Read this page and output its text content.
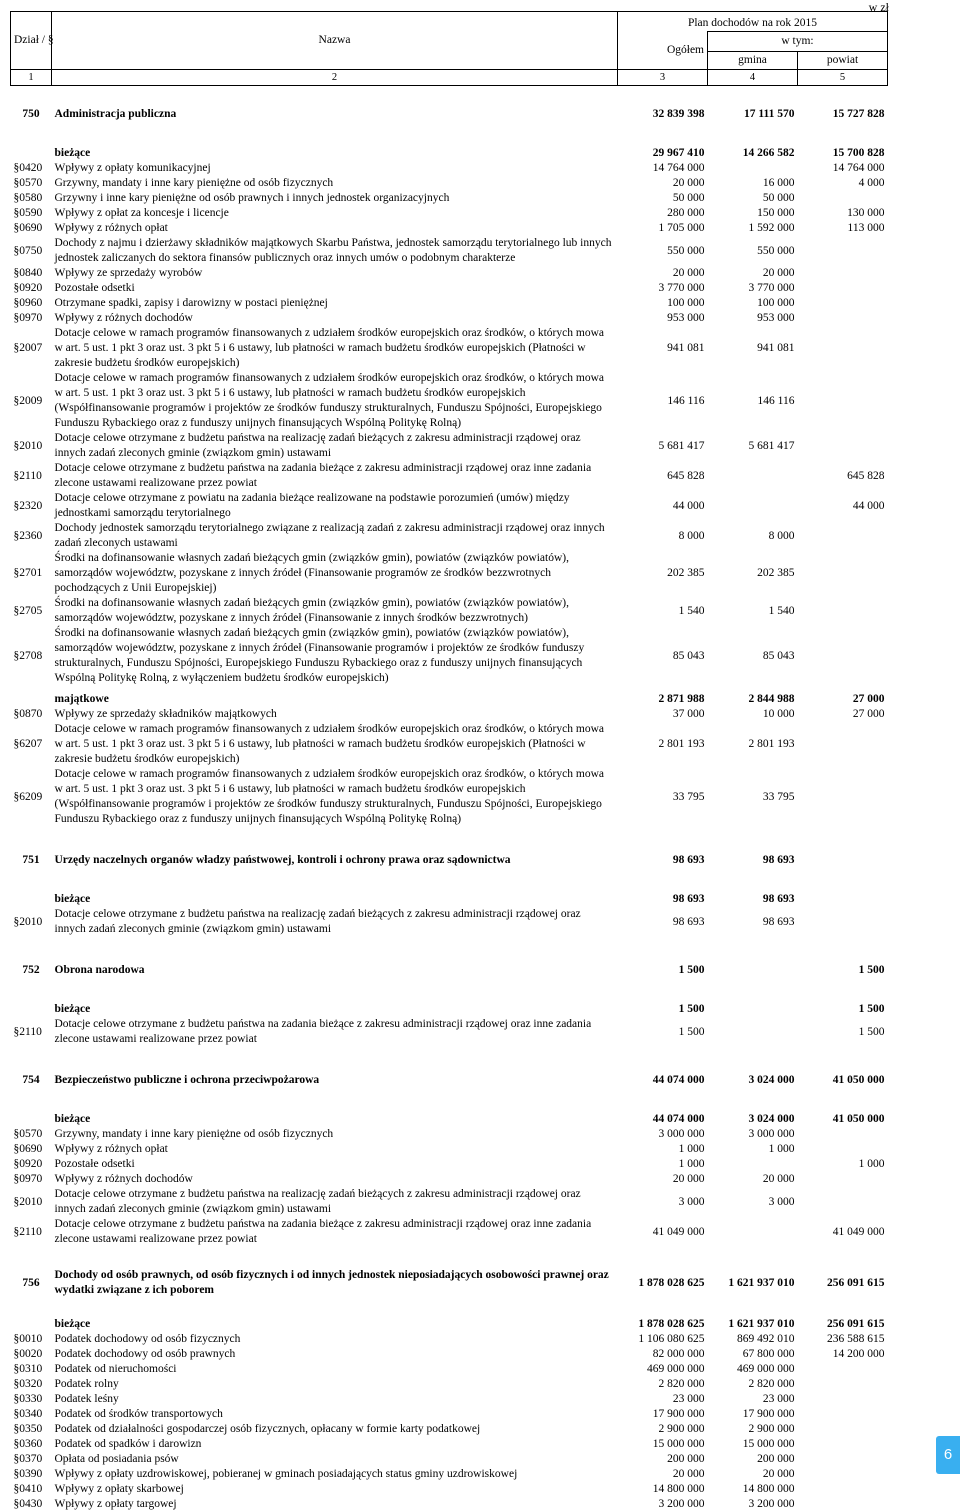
w zł
Dział / §	Nazwa	Plan dochodów na rok 2015		
		Ogółem	w tym:	
			gmina	powiat
1	2	3	4	5

750	Administracja publiczna	32 839 398	17 111 570	15 727 828

	bieżące	29 967 410	14 266 582	15 700 828
§0420	Wpływy z opłaty komunikacyjnej	14 764 000		14 764 000
§0570	Grzywny, mandaty i inne kary pieniężne od osób fizycznych	20 000	16 000	4 000
§0580	Grzywny i inne kary pieniężne od osób prawnych i innych jednostek organizacyjnych	50 000	50 000	
§0590	Wpływy z opłat za koncesje i licencje	280 000	150 000	130 000
§0690	Wpływy z różnych opłat	1 705 000	1 592 000	113 000
§0750	Dochody z najmu i dzierżawy składników majątkowych Skarbu Państwa, jednostek samorządu terytorialnego lub innych jednostek zaliczanych do sektora finansów publicznych oraz innych umów o podobnym charakterze	550 000	550 000	
§0840	Wpływy ze sprzedaży wyrobów	20 000	20 000	
§0920	Pozostałe odsetki	3 770 000	3 770 000	
§0960	Otrzymane spadki, zapisy i darowizny w postaci pieniężnej	100 000	100 000	
§0970	Wpływy z różnych dochodów	953 000	953 000	
§2007	Dotacje celowe w ramach programów finansowanych z udziałem środków europejskich oraz środków, o których mowa w art. 5 ust. 1 pkt 3 oraz ust. 3 pkt 5 i 6 ustawy, lub płatności w ramach budżetu środków europejskich (Płatności w zakresie budżetu środków europejskich)	941 081	941 081	
§2009	Dotacje celowe w ramach programów finansowanych z udziałem środków europejskich oraz środków, o których mowa w art. 5 ust. 1 pkt 3 oraz ust. 3 pkt 5 i 6 ustawy, lub płatności w ramach budżetu środków europejskich (Współfinansowanie programów i projektów ze środków funduszy strukturalnych, Funduszu Spójności, Europejskiego Funduszu Rybackiego oraz z funduszy unijnych finansujących Wspólną Politykę Rolną)	146 116	146 116	
§2010	Dotacje celowe otrzymane z budżetu państwa na realizację zadań bieżących z zakresu administracji rządowej oraz innych zadań zleconych gminie (związkom gmin) ustawami	5 681 417	5 681 417	
§2110	Dotacje celowe otrzymane z budżetu państwa na zadania bieżące z zakresu administracji rządowej oraz inne zadania zlecone ustawami realizowane przez powiat	645 828		645 828
§2320	Dotacje celowe otrzymane z powiatu na zadania bieżące realizowane na podstawie porozumień (umów) między jednostkami samorządu terytorialnego	44 000		44 000
§2360	Dochody jednostek samorządu terytorialnego związane z realizacją zadań z zakresu administracji rządowej oraz innych zadań zleconych ustawami	8 000	8 000	
§2701	Środki na dofinansowanie własnych zadań bieżących gmin (związków gmin), powiatów (związków powiatów), samorządów województw, pozyskane z innych źródeł (Finansowanie programów ze środków bezzwrotnych pochodzących z Unii Europejskiej)	202 385	202 385	
§2705	Środki na dofinansowanie własnych zadań bieżących gmin (związków gmin), powiatów (związków powiatów), samorządów województw, pozyskane z innych źródeł (Finansowanie z innych środków bezzwrotnych)	1 540	1 540	
§2708	Środki na dofinansowanie własnych zadań bieżących gmin (związków gmin), powiatów (związków powiatów), samorządów województw, pozyskane z innych źródeł (Finansowanie programów i projektów ze środków funduszy strukturalnych, Funduszu Spójności, Europejskiego Funduszu Rybackiego oraz z funduszy unijnych finansujących Wspólną Politykę Rolną, z wyłączeniem budżetu środków europejskich)	85 043	85 043	
	majątkowe	2 871 988	2 844 988	27 000
§0870	Wpływy ze sprzedaży składników majątkowych	37 000	10 000	27 000
§6207	Dotacje celowe w ramach programów finansowanych z udziałem środków europejskich oraz środków, o których mowa w art. 5 ust. 1 pkt 3 oraz ust. 3 pkt 5 i 6 ustawy, lub płatności w ramach budżetu środków europejskich (Płatności w zakresie budżetu środków europejskich)	2 801 193	2 801 193	
§6209	Dotacje celowe w ramach programów finansowanych z udziałem środków europejskich oraz środków, o których mowa w art. 5 ust. 1 pkt 3 oraz ust. 3 pkt 5 i 6 ustawy, lub płatności w ramach budżetu środków europejskich (Współfinansowanie programów i projektów ze środków funduszy strukturalnych, Funduszu Spójności, Europejskiego Funduszu Rybackiego oraz z funduszy unijnych finansujących Wspólną Politykę Rolną)	33 795	33 795	

751	Urzędy naczelnych organów władzy państwowej, kontroli i ochrony prawa oraz sądownictwa	98 693	98 693	

	bieżące	98 693	98 693	
§2010	Dotacje celowe otrzymane z budżetu państwa na realizację zadań bieżących z zakresu administracji rządowej oraz innych zadań zleconych gminie (związkom gmin) ustawami	98 693	98 693	

752	Obrona narodowa	1 500		1 500

	bieżące	1 500		1 500
§2110	Dotacje celowe otrzymane z budżetu państwa na zadania bieżące z zakresu administracji rządowej oraz inne zadania zlecone ustawami realizowane przez powiat	1 500		1 500

754	Bezpieczeństwo publiczne i ochrona przeciwpożarowa	44 074 000	3 024 000	41 050 000

	bieżące	44 074 000	3 024 000	41 050 000
§0570	Grzywny, mandaty i inne kary pieniężne od osób fizycznych	3 000 000	3 000 000	
§0690	Wpływy z różnych opłat	1 000	1 000	
§0920	Pozostałe odsetki	1 000		1 000
§0970	Wpływy z różnych dochodów	20 000	20 000	
§2010	Dotacje celowe otrzymane z budżetu państwa na realizację zadań bieżących z zakresu administracji rządowej oraz innych zadań zleconych gminie (związkom gmin) ustawami	3 000	3 000	
§2110	Dotacje celowe otrzymane z budżetu państwa na zadania bieżące z zakresu administracji rządowej oraz inne zadania zlecone ustawami realizowane przez powiat	41 049 000		41 049 000

756	Dochody od osób prawnych, od osób fizycznych i od innych jednostek nieposiadających osobowości prawnej oraz wydatki związane z ich poborem	1 878 028 625	1 621 937 010	256 091 615

	bieżące	1 878 028 625	1 621 937 010	256 091 615
§0010	Podatek dochodowy od osób fizycznych	1 106 080 625	869 492 010	236 588 615
§0020	Podatek dochodowy od osób prawnych	82 000 000	67 800 000	14 200 000
§0310	Podatek od nieruchomości	469 000 000	469 000 000	
§0320	Podatek rolny	2 820 000	2 820 000	
§0330	Podatek leśny	23 000	23 000	
§0340	Podatek od środków transportowych	17 900 000	17 900 000	
§0350	Podatek od działalności gospodarczej osób fizycznych, opłacany w formie karty podatkowej	2 900 000	2 900 000	
§0360	Podatek od spadków i darowizn	15 000 000	15 000 000	
§0370	Opłata od posiadania psów	200 000	200 000	
§0390	Wpływy z opłaty uzdrowiskowej, pobieranej w gminach posiadających status gminy uzdrowiskowej	20 000	20 000	
§0410	Wpływy z opłaty skarbowej	14 800 000	14 800 000	
§0430	Wpływy z opłaty targowej	3 200 000	3 200 000	
6
